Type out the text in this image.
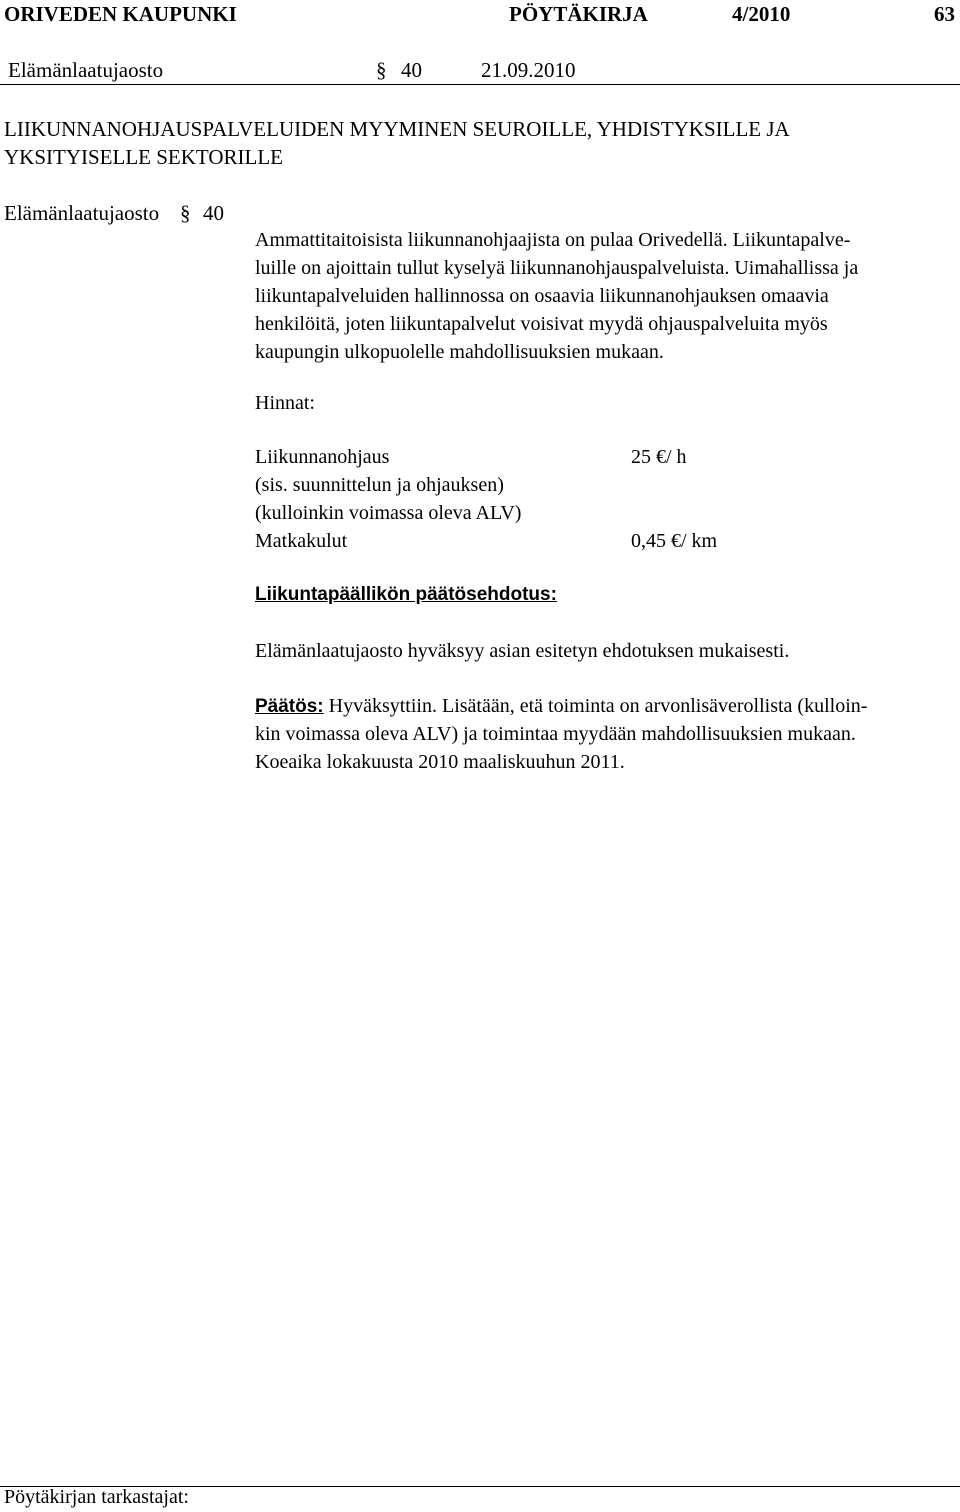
ORIVEDEN KAUPUNKI	PÖYTÄKIRJA	4/2010	63
Elämänlaatujaosto	§ 40	21.09.2010
LIIKUNNANOHJAUSPALVELUIDEN MYYMINEN SEUROILLE, YHDISTYKSILLE JA
YKSITYISELLE SEKTORILLE
Elämänlaatujaosto § 40
Ammattitaitoisista liikunnanohjaajista on pulaa Orivedellä. Liikuntapalve-
luille on ajoittain tullut kyselyä liikunnanohjauspalveluista. Uimahallissa ja
liikuntapalveluiden hallinnossa on osaavia liikunnanohjauksen omaavia
henkilöitä, joten liikuntapalvelut voisivat myydä ohjauspalveluita myös
kaupungin ulkopuolelle mahdollisuuksien mukaan.
Hinnat:
Liikunnanohjaus	25 €/ h
(sis. suunnittelun ja ohjauksen)
(kulloinkin voimassa oleva ALV)
Matkakulut	0,45 €/ km
Liikuntapäällikön päätösehdotus:
Elämänlaatujaosto hyväksyy asian esitetyn ehdotuksen mukaisesti.
Päätös: Hyväksyttiin. Lisätään, etä toiminta on arvonlisäverollista (kulloin-
kin voimassa oleva ALV) ja toimintaa myydään mahdollisuuksien mukaan.
Koeaika lokakuusta 2010 maaliskuuhun 2011.
Pöytäkirjan tarkastajat:
